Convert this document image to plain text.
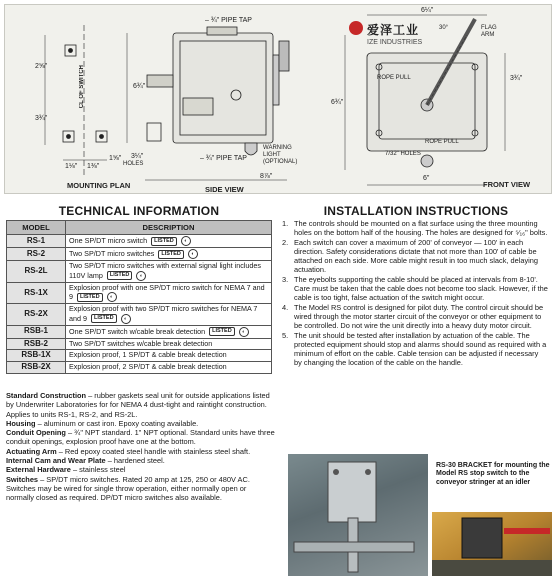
MOUNTING PLAN	SIDE VIEW
FRONT VIEW
CL OF SWITCH
– ¾" PIPE TAP
– ¾" PIPE TAP
WARNING LIGHT (OPTIONAL)
HOLES
ROPE PULL
ROPE PULL
7/32" HOLES
FLAG ARM
30°
2⅝"
3¾"
1⅛" 1⅜"
1⅝"
6¾"
3¼"
8⅞"
6¼"
3¾"
6¾"
6"
爱泽工业
IZE INDUSTRIES
TECHNICAL INFORMATION
MODEL	DESCRIPTION
RS-1	One SP/DT micro switch LISTED ◐
RS-2	Two SP/DT micro switches LISTED ◐
RS-2L	Two SP/DT micro switches with external signal light includes 110V lamp LISTED ◐
RS-1X	Explosion proof with one SP/DT micro switch for NEMA 7 and 9 LISTED ◐
RS-2X	Explosion proof with two SP/DT micro switches for NEMA 7 and 9 LISTED ◐
RSB-1	One SP/DT switch w/cable break detection LISTED ◐
RSB-2	Two SP/DT switches w/cable break detection
RSB-1X	Explosion proof, 1 SP/DT & cable break detection
RSB-2X	Explosion proof, 2 SP/DT & cable break detection

Standard Construction – rubber gaskets seal unit for outside applications listed by Underwriter Laboratories for for NEMA 4 dust-tight and raintight construction. Applies to units RS-1, RS-2, and RS-2L.

Housing – aluminum or cast iron. Epoxy coating available.

Conduit Opening – ¾" NPT standard. 1" NPT optional. Standard units have three conduit openings, explosion proof have one at the bottom.

Actuating Arm – Red epoxy coated steel handle with stainless steel shaft.

Internal Cam and Wear Plate – hardened steel.

External Hardware – stainless steel

Switches – SP/DT micro switches. Rated 20 amp at 125, 250 or 480V AC. Switches may be wired for single throw operation, either normally open or normally closed as required. DP/DT micro switches also available.

INSTALLATION INSTRUCTIONS
1. The controls should be mounted on a flat surface using the three mounting holes on the bottom half of the housing. The holes are designed for ⁵⁄₁₆" bolts.
2. Each switch can cover a maximum of 200' of conveyor — 100' in each direction. Safety considerations dictate that not more than 100' of cable be attached on each side. More cable might result in too much slack, delaying actuation.
3. The eyebolts supporting the cable should be placed at intervals from 8-10'. Care must be taken that the cable does not become too slack. However, if the cable is too tight, false actuation of the switch might occur.
4. The Model RS control is designed for pilot duty. The control circuit should be wired through the motor starter circuit of the conveyor or other equipment to be controlled. Do not wire the unit directly into a heavy duty motor circuit.
5. The unit should be tested after installation by actuation of the cable. The protected equipment should stop and alarms should sound as required with a minimum of effort on the cable. Cable tension can be adjusted if necessary by changing the location of the cable on the handle.
RS-30 BRACKET for mounting the Model RS stop switch to the conveyor stringer at an idler
